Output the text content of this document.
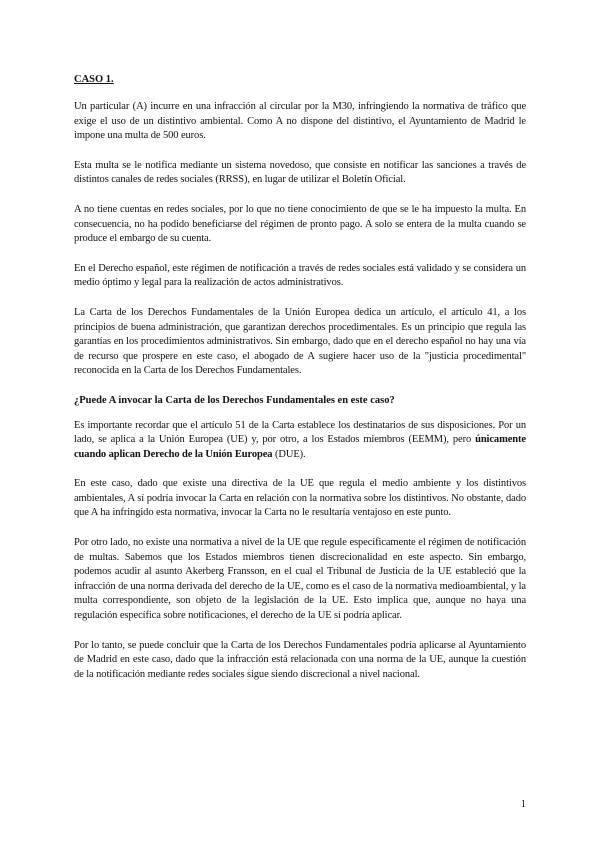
CASO 1.

Un particular (A) incurre en una infracción al circular por la M30, infringiendo la normativa de tráfico que exige el uso de un distintivo ambiental. Como A no dispone del distintivo, el Ayuntamiento de Madrid le impone una multa de 500 euros.

Esta multa se le notifica mediante un sistema novedoso, que consiste en notificar las sanciones a través de distintos canales de redes sociales (RRSS), en lugar de utilizar el Boletín Oficial.

A no tiene cuentas en redes sociales, por lo que no tiene conocimiento de que se le ha impuesto la multa. En consecuencia, no ha podido beneficiarse del régimen de pronto pago. A solo se entera de la multa cuando se produce el embargo de su cuenta.

En el Derecho español, este régimen de notificación a través de redes sociales está validado y se considera un medio óptimo y legal para la realización de actos administrativos.

La Carta de los Derechos Fundamentales de la Unión Europea dedica un artículo, el artículo 41, a los principios de buena administración, que garantizan derechos procedimentales. Es un principio que regula las garantías en los procedimientos administrativos. Sin embargo, dado que en el derecho español no hay una vía de recurso que prospere en este caso, el abogado de A sugiere hacer uso de la "justicia procedimental" reconocida en la Carta de los Derechos Fundamentales.

¿Puede A invocar la Carta de los Derechos Fundamentales en este caso?

Es importante recordar que el artículo 51 de la Carta establece los destinatarios de sus disposiciones. Por un lado, se aplica a la Unión Europea (UE) y, por otro, a los Estados miembros (EEMM), pero únicamente cuando aplican Derecho de la Unión Europea (DUE).

En este caso, dado que existe una directiva de la UE que regula el medio ambiente y los distintivos ambientales, A sí podría invocar la Carta en relación con la normativa sobre los distintivos. No obstante, dado que A ha infringido esta normativa, invocar la Carta no le resultaría ventajoso en este punto.

Por otro lado, no existe una normativa a nivel de la UE que regule específicamente el régimen de notificación de multas. Sabemos que los Estados miembros tienen discrecionalidad en este aspecto. Sin embargo, podemos acudir al asunto Akerberg Fransson, en el cual el Tribunal de Justicia de la UE estableció que la infracción de una norma derivada del derecho de la UE, como es el caso de la normativa medioambiental, y la multa correspondiente, son objeto de la legislación de la UE. Esto implica que, aunque no haya una regulación específica sobre notificaciones, el derecho de la UE sí podría aplicar.

Por lo tanto, se puede concluir que la Carta de los Derechos Fundamentales podría aplicarse al Ayuntamiento de Madrid en este caso, dado que la infracción está relacionada con una norma de la UE, aunque la cuestión de la notificación mediante redes sociales sigue siendo discrecional a nivel nacional.

1
